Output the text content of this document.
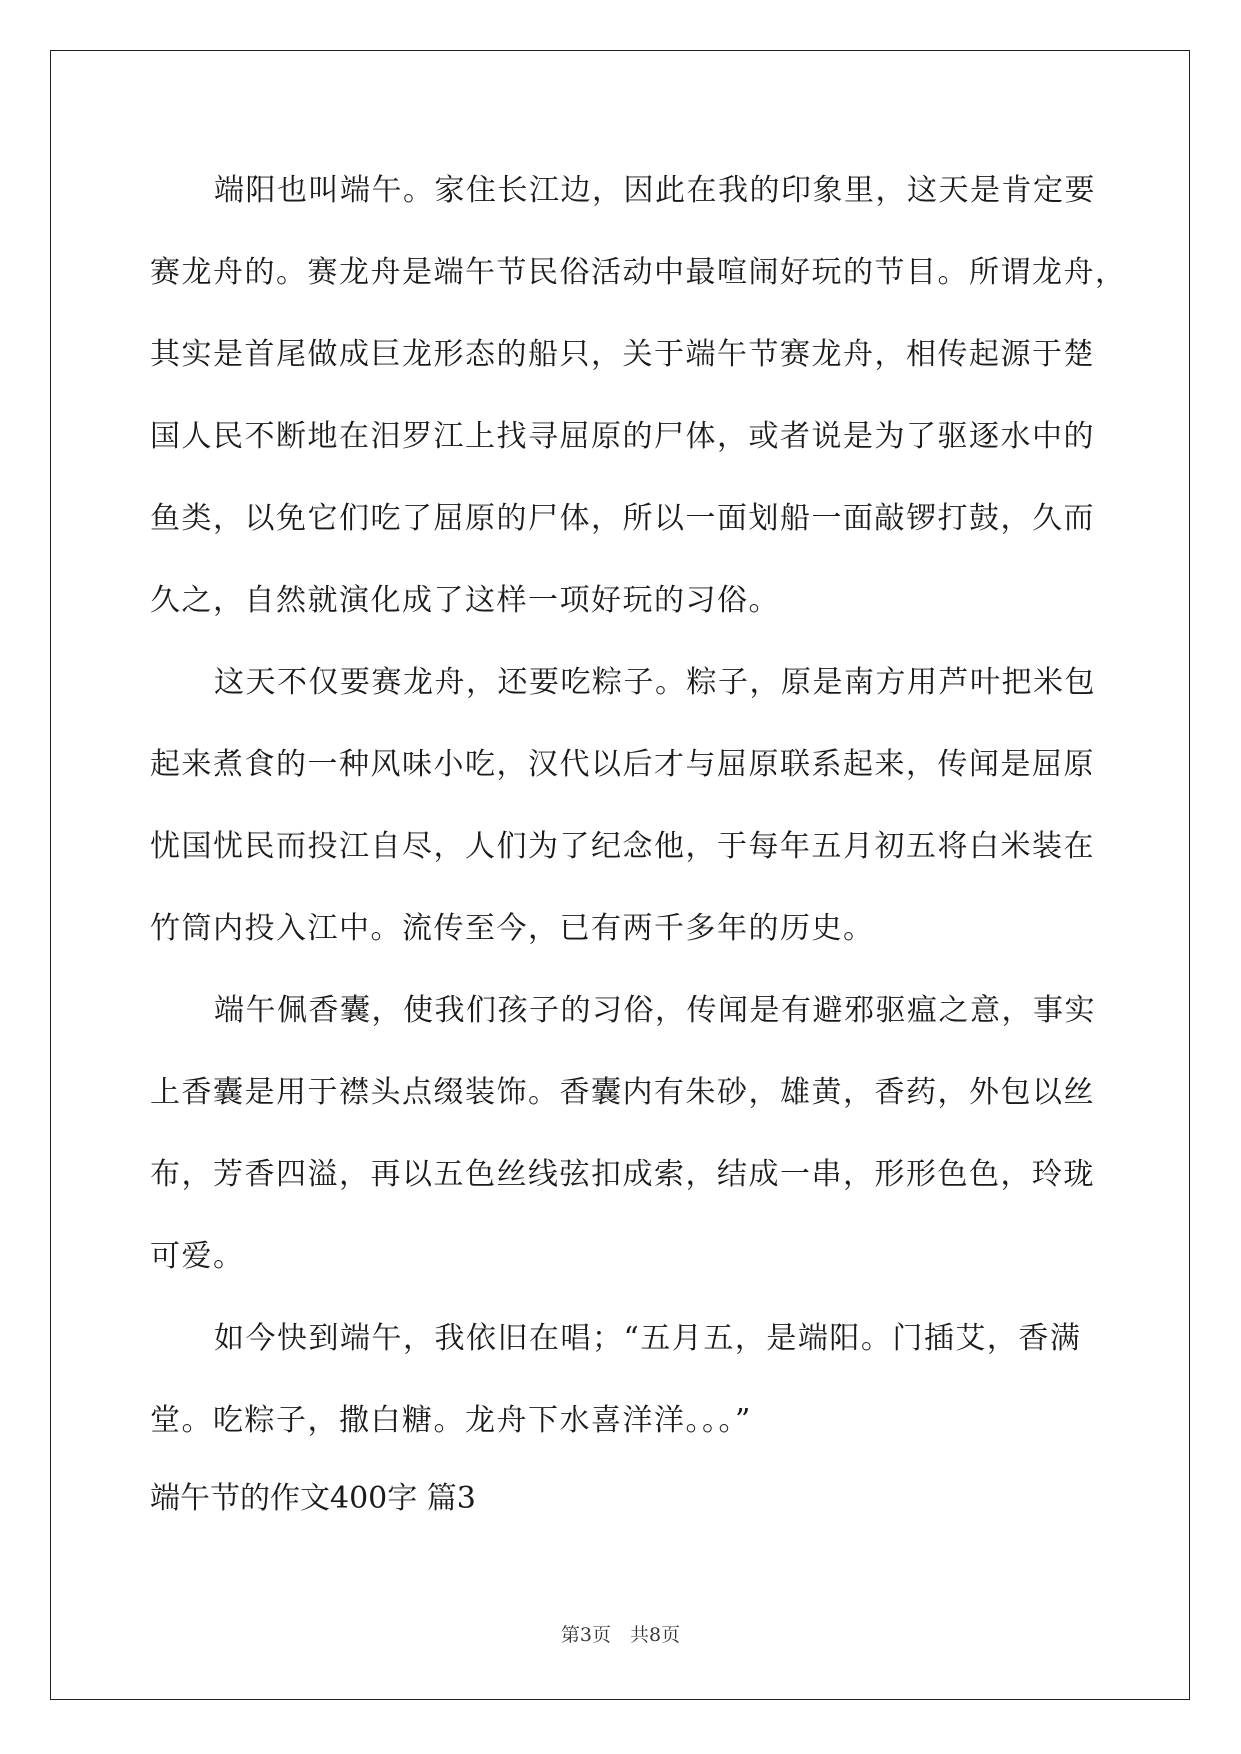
端阳也叫端午。家住长江边，因此在我的印象里，这天是肯定要
赛龙舟的。赛龙舟是端午节民俗活动中最喧闹好玩的节目。所谓龙舟，
其实是首尾做成巨龙形态的船只，关于端午节赛龙舟，相传起源于楚
国人民不断地在汨罗江上找寻屈原的尸体，或者说是为了驱逐水中的
鱼类，以免它们吃了屈原的尸体，所以一面划船一面敲锣打鼓，久而
久之，自然就演化成了这样一项好玩的习俗。
这天不仅要赛龙舟，还要吃粽子。粽子，原是南方用芦叶把米包
起来煮食的一种风味小吃，汉代以后才与屈原联系起来，传闻是屈原
忧国忧民而投江自尽，人们为了纪念他，于每年五月初五将白米装在
竹筒内投入江中。流传至今，已有两千多年的历史。
端午佩香囊，使我们孩子的习俗，传闻是有避邪驱瘟之意，事实
上香囊是用于襟头点缀装饰。香囊内有朱砂，雄黄，香药，外包以丝
布，芳香四溢，再以五色丝线弦扣成索，结成一串，形形色色，玲珑
可爱。
如今快到端午，我依旧在唱；“五月五，是端阳。门插艾，香满
堂。吃粽子，撒白糖。龙舟下水喜洋洋。。。”
端午节的作文400字 篇3
第3页　共8页
